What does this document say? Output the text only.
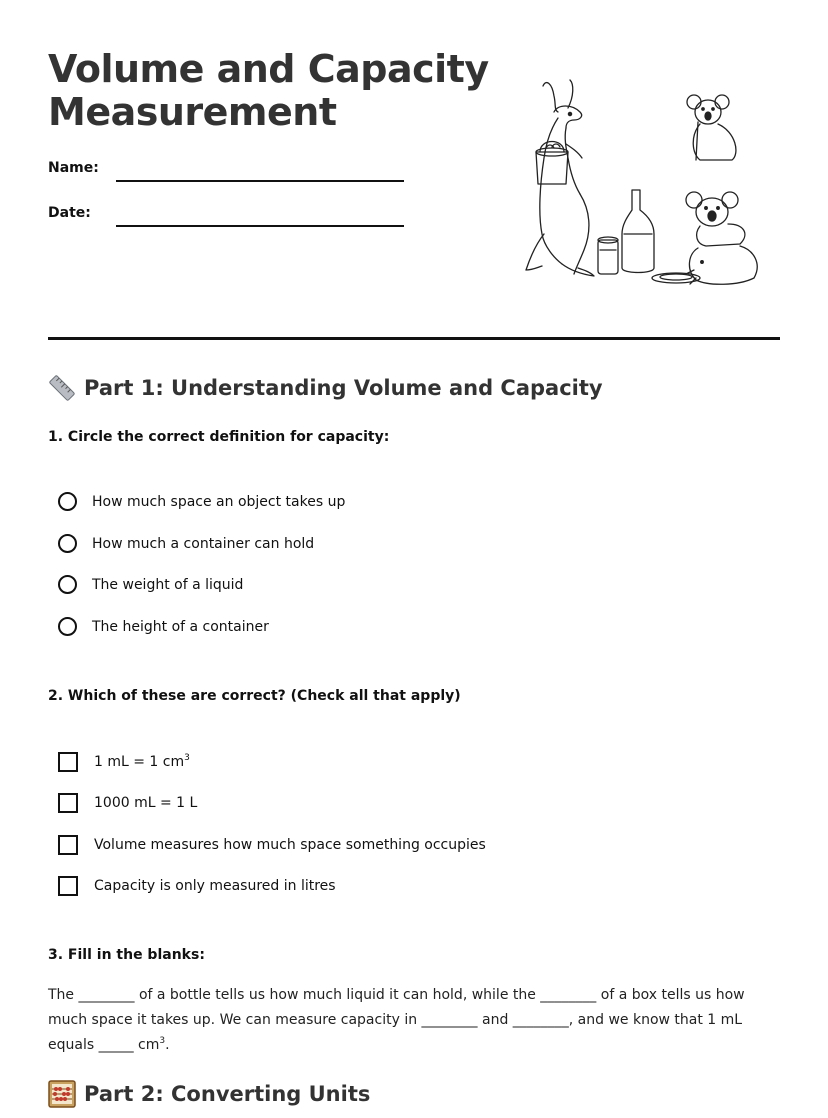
Volume and Capacity
Measurement
Name:
Date:
Part 1: Understanding Volume and Capacity

1. Circle the correct definition for capacity:

How much space an object takes up
How much a container can hold
The weight of a liquid
The height of a container

2. Which of these are correct? (Check all that apply)

1 mL = 1 $cm^3$
1000 mL = 1 L
Volume measures how much space something occupies
Capacity is only measured in litres

3. Fill in the blanks:

The ________ of a bottle tells us how much liquid it can hold, while the ________ of a box tells us how much space it takes up. We can measure capacity in ________ and ________, and we know that 1 mL equals _____ $cm^3$.

Part 2: Converting Units
